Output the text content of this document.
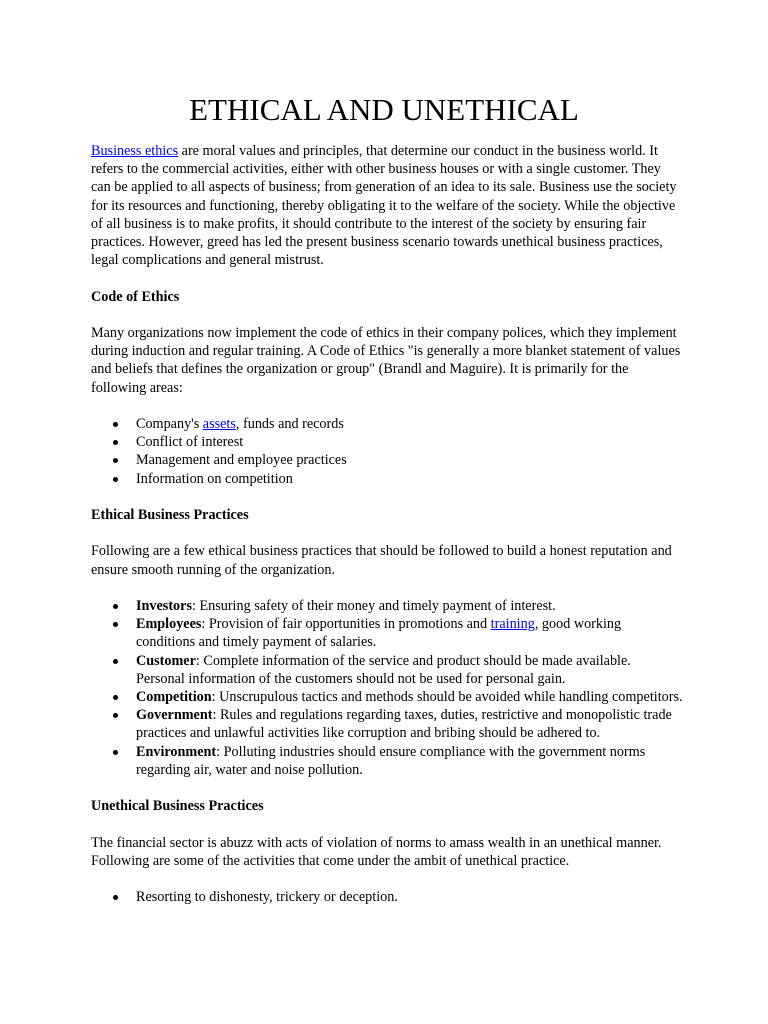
ETHICAL AND UNETHICAL

Business ethics are moral values and principles, that determine our conduct in the business world. It refers to the commercial activities, either with other business houses or with a single customer. They can be applied to all aspects of business; from generation of an idea to its sale. Business use the society for its resources and functioning, thereby obligating it to the welfare of the society. While the objective of all business is to make profits, it should contribute to the interest of the society by ensuring fair practices. However, greed has led the present business scenario towards unethical business practices, legal complications and general mistrust.

Code of Ethics

Many organizations now implement the code of ethics in their company polices, which they implement during induction and regular training. A Code of Ethics "is generally a more blanket statement of values and beliefs that defines the organization or group" (Brandl and Maguire). It is primarily for the following areas:

Company's assets, funds and records
Conflict of interest
Management and employee practices
Information on competition
Ethical Business Practices

Following are a few ethical business practices that should be followed to build a honest reputation and ensure smooth running of the organization.

Investors: Ensuring safety of their money and timely payment of interest.
Employees: Provision of fair opportunities in promotions and training, good working conditions and timely payment of salaries.
Customer: Complete information of the service and product should be made available. Personal information of the customers should not be used for personal gain.
Competition: Unscrupulous tactics and methods should be avoided while handling competitors.
Government: Rules and regulations regarding taxes, duties, restrictive and monopolistic trade practices and unlawful activities like corruption and bribing should be adhered to.
Environment: Polluting industries should ensure compliance with the government norms regarding air, water and noise pollution.
Unethical Business Practices

The financial sector is abuzz with acts of violation of norms to amass wealth in an unethical manner. Following are some of the activities that come under the ambit of unethical practice.

Resorting to dishonesty, trickery or deception.
